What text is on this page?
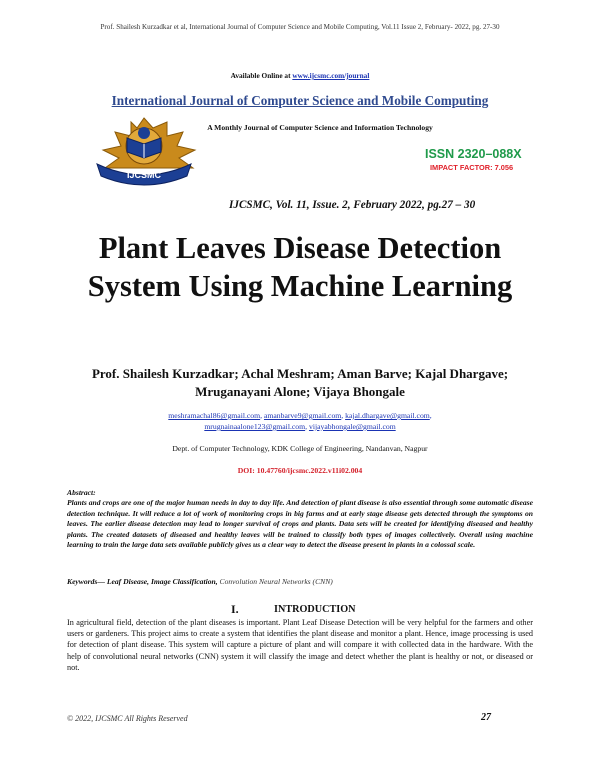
Prof. Shailesh Kurzadkar et al, International Journal of Computer Science and Mobile Computing, Vol.11 Issue 2, February- 2022, pg. 27-30
Available Online at www.ijcsmc.com/journal
International Journal of Computer Science and Mobile Computing
IJCSMC
A Monthly Journal of Computer Science and Information Technology
ISSN 2320–088X
IMPACT FACTOR: 7.056
IJCSMC, Vol. 11, Issue. 2, February 2022, pg.27 – 30
Plant Leaves Disease Detection System Using Machine Learning
Prof. Shailesh Kurzadkar; Achal Meshram; Aman Barve; Kajal Dhargave; Mruganayani Alone; Vijaya Bhongale
meshramachal86@gmail.com, amanbarve9@gmail.com, kajal.dhargave@gmail.com,
mrugnainaalone123@gmail.com, vijayabhongale@gmail.com
Dept. of Computer Technology, KDK College of Engineering, Nandanvan, Nagpur
DOI: 10.47760/ijcsmc.2022.v11i02.004
Abstract:
Plants and crops are one of the major human needs in day to day life. And detection of plant disease is also essential through some automatic disease detection technique. It will reduce a lot of work of monitoring crops in big farms and at early stage disease gets detected through the symptoms on leaves. The earlier disease detection may lead to longer survival of crops and plants. Data sets will be created for identifying diseased and healthy plants. The created datasets of diseased and healthy leaves will be trained to classify both types of images collectively. Overall using machine learning to train the large data sets available publicly gives us a clear way to detect the disease present in plants in a colossal scale.
Keywords— Leaf Disease, Image Classification, Convolution Neural Networks (CNN)
I.	INTRODUCTION
In agricultural field, detection of the plant diseases is important. Plant Leaf Disease Detection will be very helpful for the farmers and other users or gardeners. This project aims to create a system that identifies the plant disease and monitor a plant. Hence, image processing is used for detection of plant disease. This system will capture a picture of plant and will compare it with collected data in the hardware. With the help of convolutional neural networks (CNN) system it will classify the image and detect whether the plant is healthy or not, or diseased or not.
© 2022, IJCSMC All Rights Reserved	27
